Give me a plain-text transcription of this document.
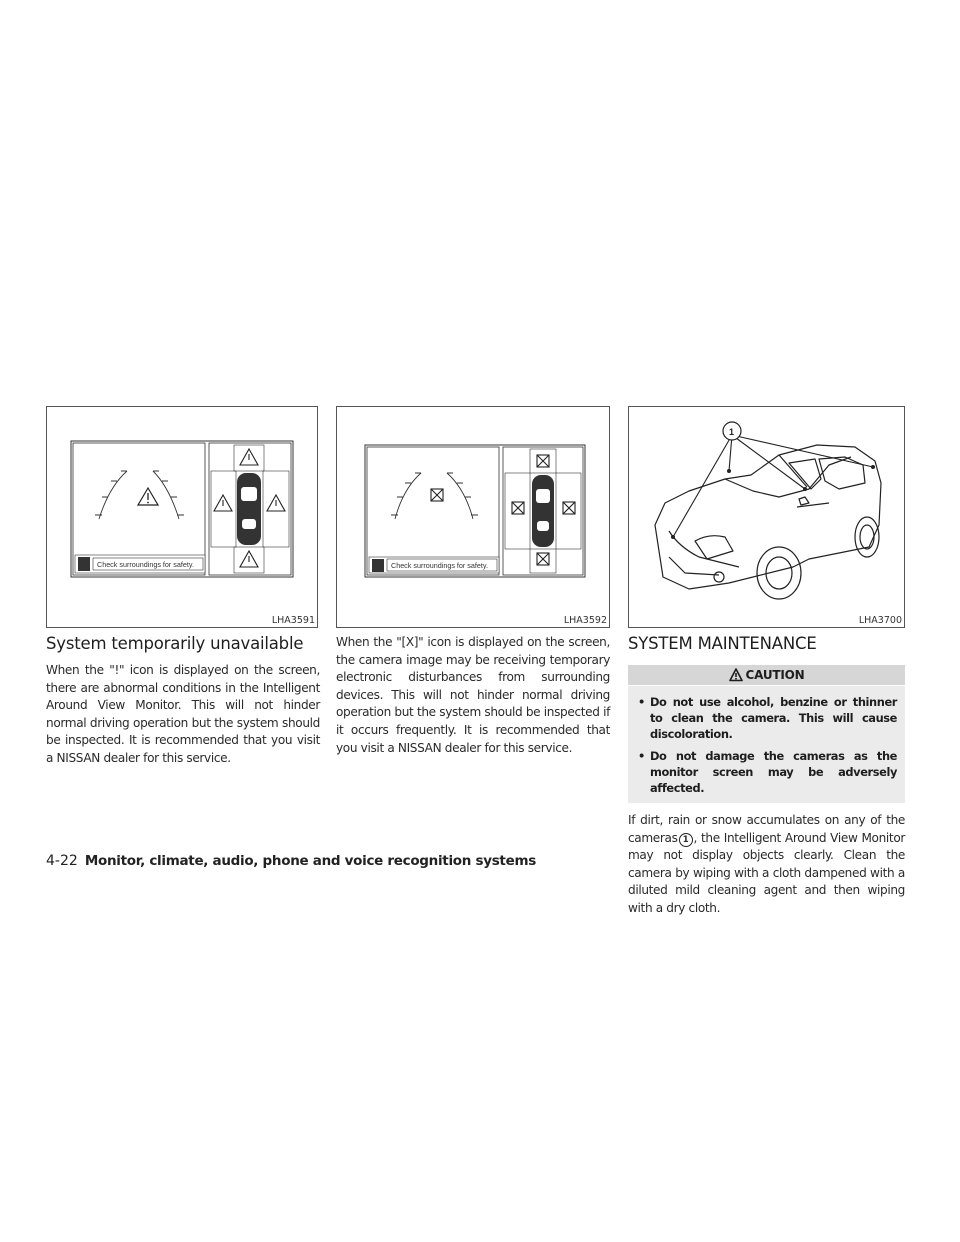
Check surroundings for safety.
LHA3591
Check surroundings for safety.
LHA3592
1
LHA3700
System temporarily unavailable

When the "!" icon is displayed on the screen, there are abnormal conditions in the Intelligent Around View Monitor. This will not hinder normal driving operation but the system should be inspected. It is recommended that you visit a NISSAN dealer for this service.

When the "[X]" icon is displayed on the screen, the camera image may be receiving temporary electronic disturbances from surrounding devices. This will not hinder normal driving operation but the system should be inspected if it occurs frequently. It is recommended that you visit a NISSAN dealer for this service.

SYSTEM MAINTENANCE
CAUTION
• Do not use alcohol, benzine or thinner to clean the camera. This will cause discoloration.
• Do not damage the cameras as the monitor screen may be adversely affected.

If dirt, rain or snow accumulates on any of the cameras 1 , the Intelligent Around View Monitor may not display objects clearly. Clean the camera by wiping with a cloth dampened with a diluted mild cleaning agent and then wiping with a dry cloth.

4-22 Monitor, climate, audio, phone and voice recognition systems
